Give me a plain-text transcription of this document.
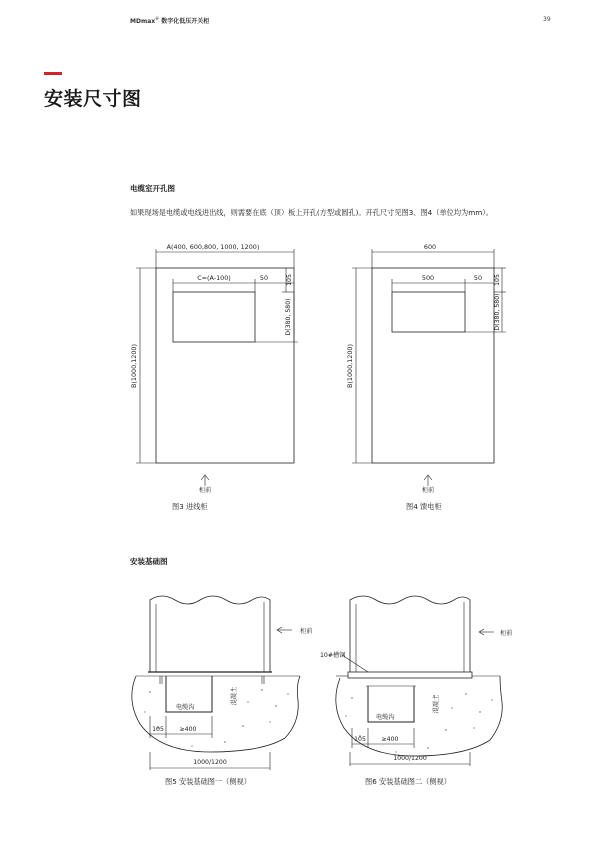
MDmax® 数字化低压开关柜	39
安装尺寸图
电缆室开孔图
如果现场是电缆或电线进出线，则需要在底（顶）板上开孔(方型或圆孔)。开孔尺寸见图3、图4（单位均为mm）。
A(400, 600,800, 1000, 1200)
C=(A-100)	50	105
D(380, 580)
B(1000,1200)
柜前
图3 进线柜
600
500	50 105
D(380, 580)
B(1000,1200)
柜前
图4 馈电柜
安装基础图
柜前
电缆沟
混凝土
105	≥400
1000/1200
图5 安装基础图一（侧视）
柜前
10#槽钢
电缆沟
混凝土
105	≥400
1000/1200
图6 安装基础图二（侧视）
